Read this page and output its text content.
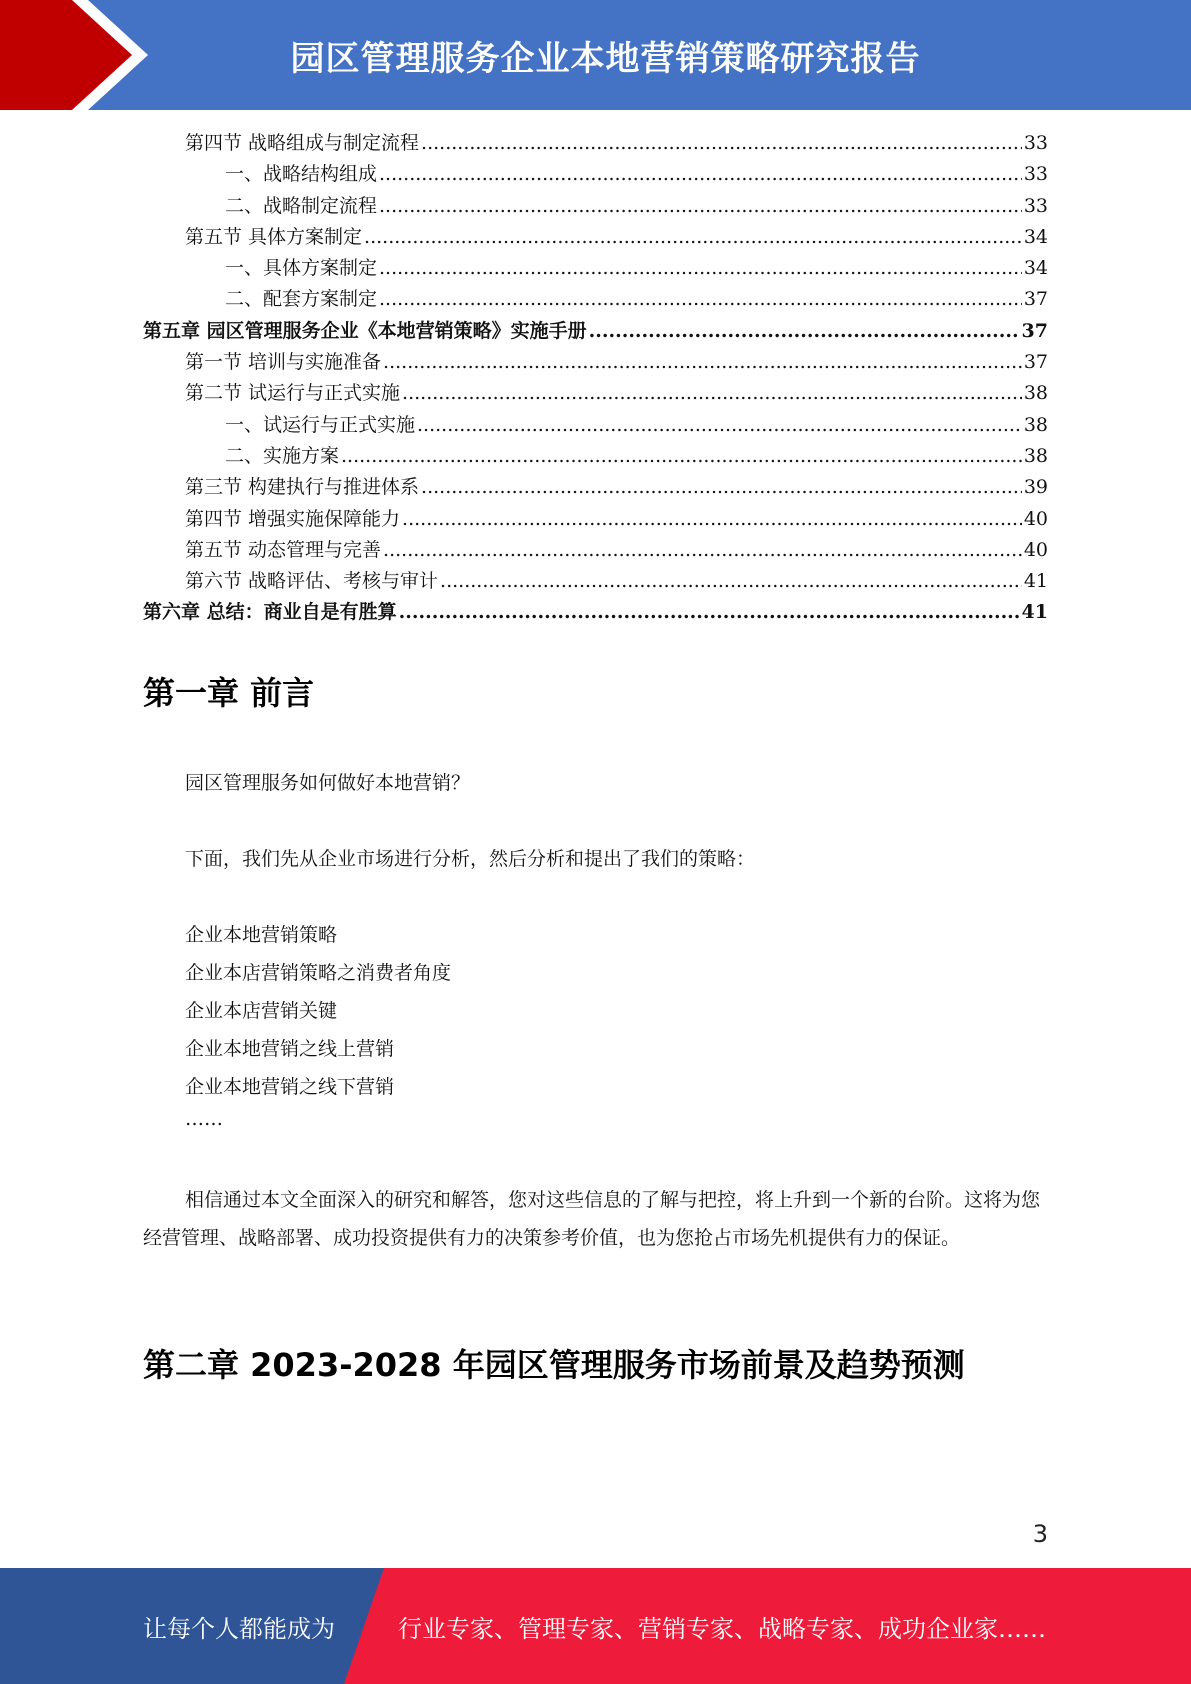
园区管理服务企业本地营销策略研究报告
第四节 战略组成与制定流程 .....	33
一、战略结构组成 .....	33
二、战略制定流程 .....	33
第五节 具体方案制定 .....	34
一、具体方案制定 .....	34
二、配套方案制定 .....	37
第五章 园区管理服务企业《本地营销策略》实施手册 .....	37
第一节 培训与实施准备 .....	37
第二节 试运行与正式实施 .....	38
一、试运行与正式实施 .....	38
二、实施方案 .....	38
第三节 构建执行与推进体系 .....	39
第四节 增强实施保障能力 .....	40
第五节 动态管理与完善 .....	40
第六节 战略评估、考核与审计 .....	41
第六章 总结：商业自是有胜算 .....	41
第一章 前言

园区管理服务如何做好本地营销？

下面，我们先从企业市场进行分析，然后分析和提出了我们的策略：

企业本地营销策略
企业本店营销策略之消费者角度
企业本店营销关键
企业本地营销之线上营销
企业本地营销之线下营销
……

相信通过本文全面深入的研究和解答，您对这些信息的了解与把控，将上升到一个新的台阶。这将为您经营管理、战略部署、成功投资提供有力的决策参考价值，也为您抢占市场先机提供有力的保证。

第二章 2023-2028 年园区管理服务市场前景及趋势预测
3
让每个人都能成为	行业专家、管理专家、营销专家、战略专家、成功企业家……
